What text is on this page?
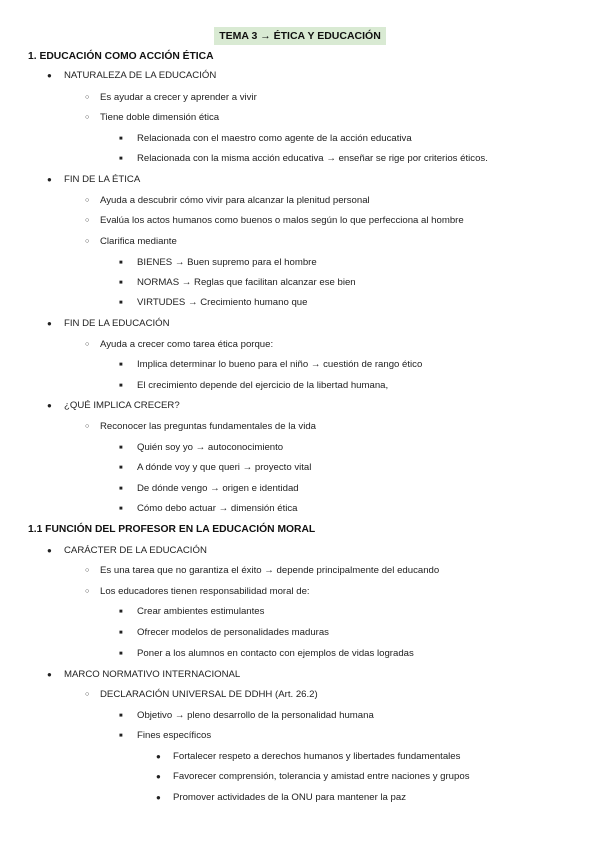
TEMA 3 → ÉTICA Y EDUCACIÓN
1. EDUCACIÓN COMO ACCIÓN ÉTICA
● NATURALEZA DE LA EDUCACIÓN
○ Es ayudar a crecer y aprender a vivir
○ Tiene doble dimensión ética
■ Relacionada con el maestro como agente de la acción educativa
■ Relacionada con la misma acción educativa → enseñar se rige por criterios éticos.
● FIN DE LA ÉTICA
○ Ayuda a descubrir cómo vivir para alcanzar la plenitud personal
○ Evalúa los actos humanos como buenos o malos según lo que perfecciona al hombre
○ Clarifica mediante
■ BIENES → Buen supremo para el hombre
■ NORMAS → Reglas que facilitan alcanzar ese bien
■ VIRTUDES → Crecimiento humano que
● FIN DE LA EDUCACIÓN
○ Ayuda a crecer como tarea ética porque:
■ Implica determinar lo bueno para el niño → cuestión de rango ético
■ El crecimiento depende del ejercicio de la libertad humana,
● ¿QUÉ IMPLICA CRECER?
○ Reconocer las preguntas fundamentales de la vida
■ Quién soy yo → autoconocimiento
■ A dónde voy y que queri → proyecto vital
■ De dónde vengo → origen e identidad
■ Cómo debo actuar → dimensión ética
1.1 FUNCIÓN DEL PROFESOR EN LA EDUCACIÓN MORAL
● CARÁCTER DE LA EDUCACIÓN
○ Es una tarea que no garantiza el éxito → depende principalmente del educando
○ Los educadores tienen responsabilidad moral de:
■ Crear ambientes estimulantes
■ Ofrecer modelos de personalidades maduras
■ Poner a los alumnos en contacto con ejemplos de vidas logradas
● MARCO NORMATIVO INTERNACIONAL
○ DECLARACIÓN UNIVERSAL DE DDHH (Art. 26.2)
■ Objetivo → pleno desarrollo de la personalidad humana
■ Fines específicos
● Fortalecer respeto a derechos humanos y libertades fundamentales
● Favorecer comprensión, tolerancia y amistad entre naciones y grupos
● Promover actividades de la ONU para mantener la paz
